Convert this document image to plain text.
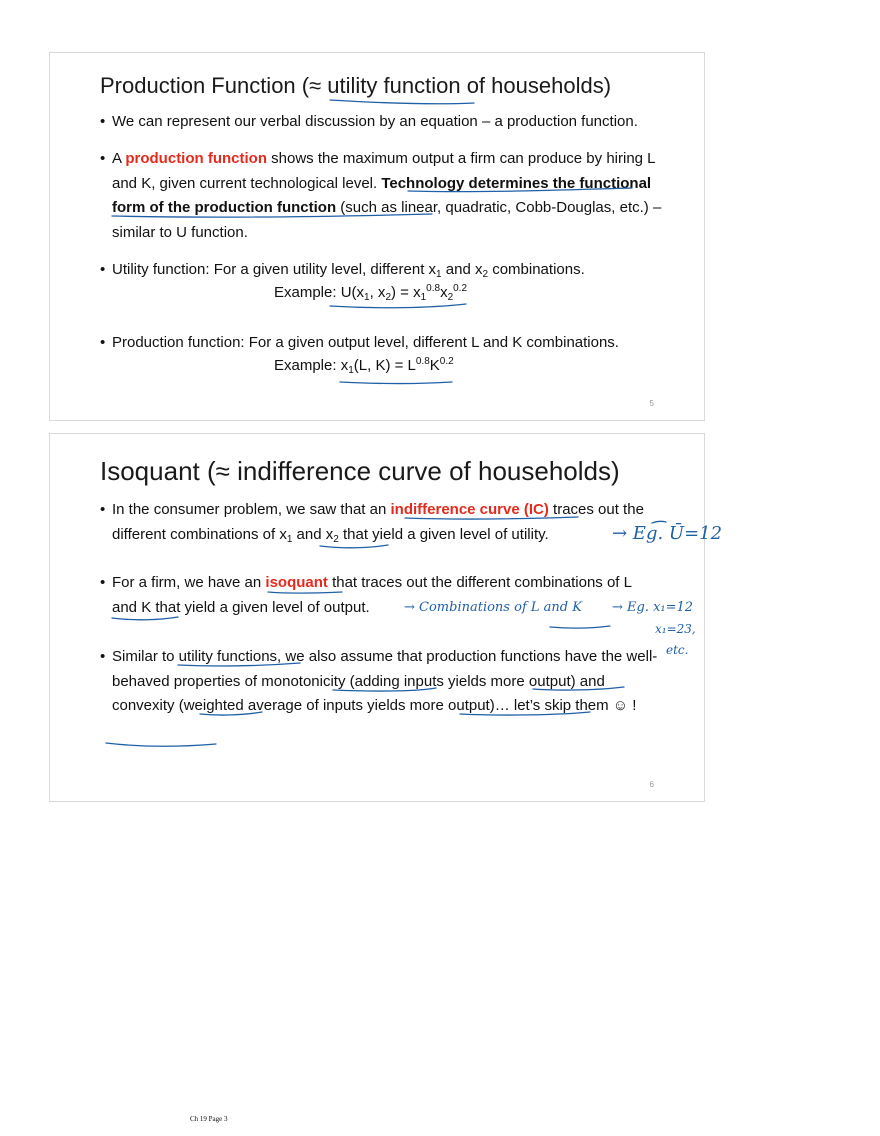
Production Function (≈ utility function of households)
• We can represent our verbal discussion by an equation – a production function.
• A production function shows the maximum output a firm can produce by hiring L and K, given current technological level. Technology determines the functional form of the production function (such as linear, quadratic, Cobb-Douglas, etc.) – similar to U function.
• Utility function: For a given utility level, different $x_1$ and $x_2$ combinations.
Example: $U(x_1$, $x_2) = x_1^{0.8}x_2^{0.2}$
• Production function: For a given output level, different L and K combinations.
Example: $x_1(L$, $K) = L^{0.8}K^{0.2}$
5
Isoquant (≈ indifference curve of households)
• In the consumer problem, we saw that an indifference curve (IC) traces out the different combinations of $x_1$ and $x_2$ that yield a given level of utility.
• For a firm, we have an isoquant that traces out the different combinations of L and K that yield a given level of output.
• Similar to utility functions, we also assume that production functions have the well-behaved properties of monotonicity (adding inputs yields more output) and convexity (weighted average of inputs yields more output)… let’s skip them ☺ !
6
→ Eg. Ū=12
→ Combinations of L and K → Eg. x₁=12
x₁=23,
etc.
Ch 19 Page 3
